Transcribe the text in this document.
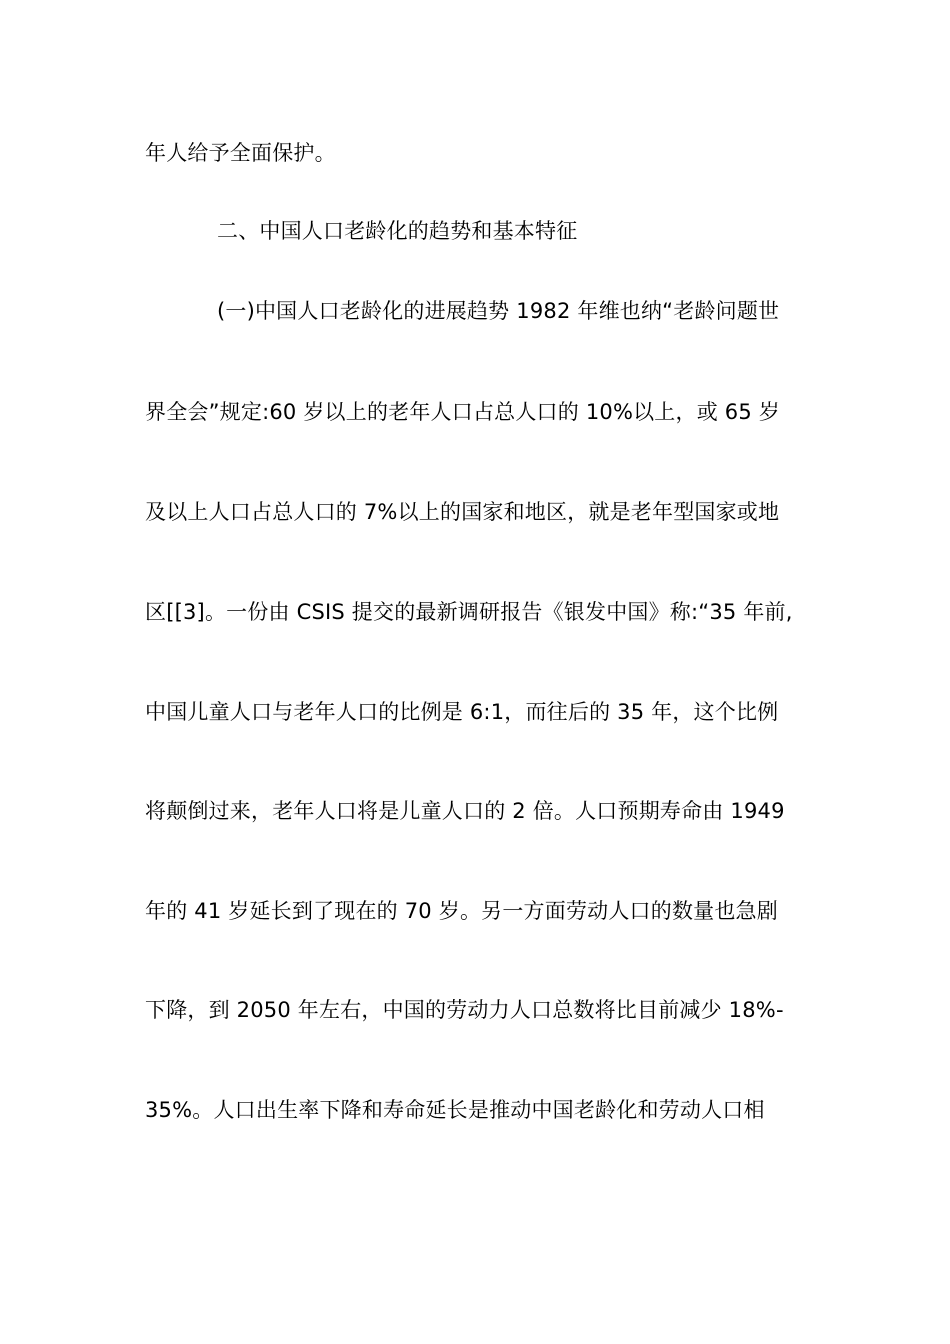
年人给予全面保护。
二、中国人口老龄化的趋势和基本特征
(一)中国人口老龄化的进展趋势 1982 年维也纳“老龄问题世
界全会”规定:60 岁以上的老年人口占总人口的 10%以上，或 65 岁
及以上人口占总人口的 7%以上的国家和地区，就是老年型国家或地
区[[3]。一份由 CSIS 提交的最新调研报告《银发中国》称:“35 年前,
中国儿童人口与老年人口的比例是 6:1，而往后的 35 年，这个比例
将颠倒过来，老年人口将是儿童人口的 2 倍。人口预期寿命由 1949
年的 41 岁延长到了现在的 70 岁。另一方面劳动人口的数量也急剧
下降，到 2050 年左右，中国的劳动力人口总数将比目前减少 18%-
35%。人口出生率下降和寿命延长是推动中国老龄化和劳动人口相
